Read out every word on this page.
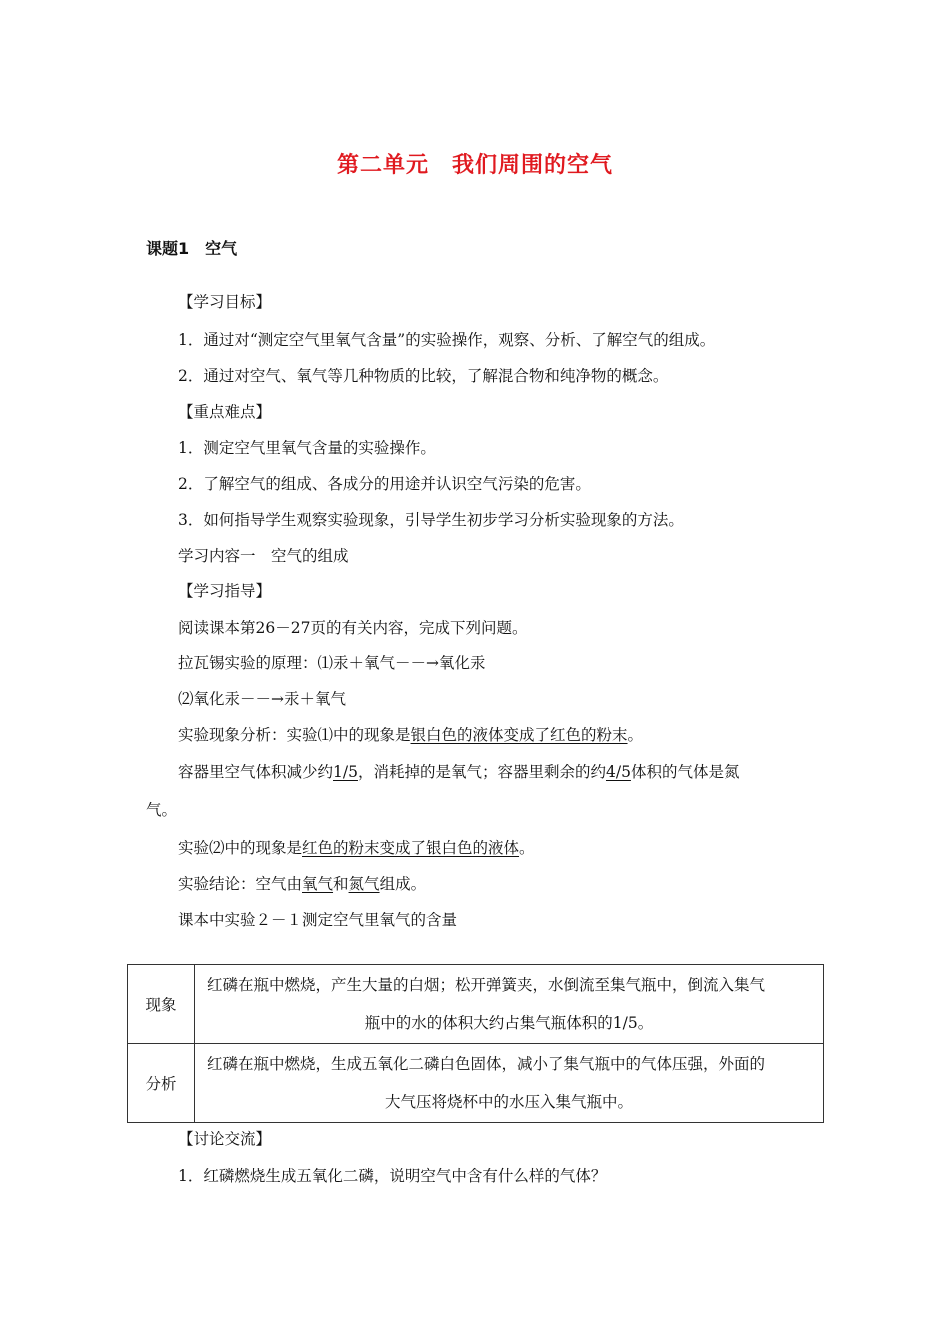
第二单元　我们周围的空气
课题1　空气
【学习目标】
1．通过对“测定空气里氧气含量”的实验操作，观察、分析、了解空气的组成。
2．通过对空气、氧气等几种物质的比较，了解混合物和纯净物的概念。
【重点难点】
1．测定空气里氧气含量的实验操作。
2．了解空气的组成、各成分的用途并认识空气污染的危害。
3．如何指导学生观察实验现象，引导学生初步学习分析实验现象的方法。
学习内容一　空气的组成
【学习指导】
阅读课本第26－27页的有关内容，完成下列问题。
拉瓦锡实验的原理：⑴汞＋氧气－－→氧化汞
⑵氧化汞－－→汞＋氧气
实验现象分析：实验⑴中的现象是银白色的液体变成了红色的粉末。
容器里空气体积减少约1/5，消耗掉的是氧气；容器里剩余的约4/5体积的气体是氮
气。
实验⑵中的现象是红色的粉末变成了银白色的液体。
实验结论：空气由氧气和氮气组成。
课本中实验２－１测定空气里氧气的含量
现象	红磷在瓶中燃烧，产生大量的白烟；松开弹簧夹，水倒流至集气瓶中，倒流入集气
瓶中的水的体积大约占集气瓶体积的1/5。

分析	红磷在瓶中燃烧，生成五氧化二磷白色固体，减小了集气瓶中的气体压强，外面的
大气压将烧杯中的水压入集气瓶中。
【讨论交流】
1．红磷燃烧生成五氧化二磷，说明空气中含有什么样的气体？
